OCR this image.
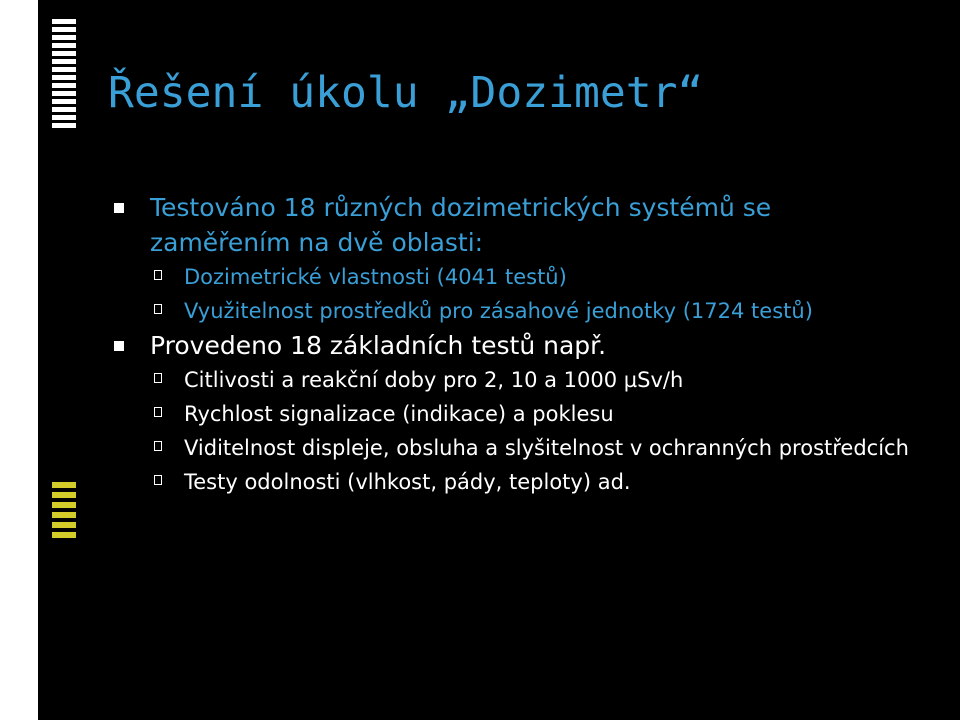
Řešení úkolu „Dozimetr“
Testováno 18 různých dozimetrických systémů se zaměřením na dvě oblasti:
Dozimetrické vlastnosti (4041 testů)
Využitelnost prostředků pro zásahové jednotky (1724 testů)
Provedeno 18 základních testů např.
Citlivosti a reakční doby pro 2, 10 a 1000 µSv/h
Rychlost signalizace (indikace) a poklesu
Viditelnost displeje, obsluha a slyšitelnost v ochranných prostředcích
Testy odolnosti (vlhkost, pády, teploty) ad.
